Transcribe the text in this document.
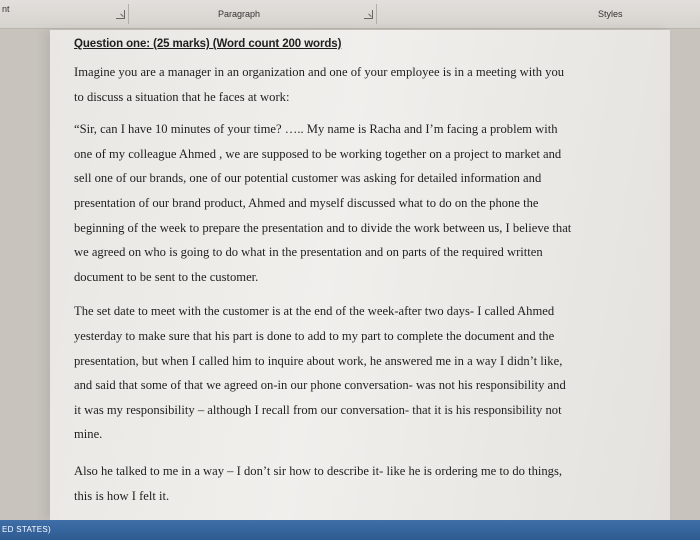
nt	Paragraph	Styles
Question one: (25 marks) (Word count 200 words)

Imagine you are a manager in an organization and one of your employee is in a meeting with you
to discuss a situation that he faces at work:

“Sir, can I have 10 minutes of your time? ….. My name is Racha and I’m facing a problem with
one of my colleague Ahmed , we are supposed to be working together on a project to market and
sell one of our brands, one of our potential customer was asking for detailed information and
presentation of our brand product, Ahmed and myself discussed what to do on the phone the
beginning of the week to prepare the presentation and to divide the work between us, I believe that
we agreed on who is going to do what in the presentation and on parts of the required written
document to be sent to the customer.

The set date to meet with the customer is at the end of the week-after two days- I called Ahmed
yesterday to make sure that his part is done to add to my part to complete the document and the
presentation, but when I called him to inquire about work, he answered me in a way I didn’t like,
and said that some of that we agreed on-in our phone conversation- was not his responsibility and
it was my responsibility – although I recall from our conversation- that it is his responsibility not
mine.

Also he talked to me in a way – I don’t sir how to describe it- like he is ordering me to do things,
this is how I felt it.

ED STATES)
